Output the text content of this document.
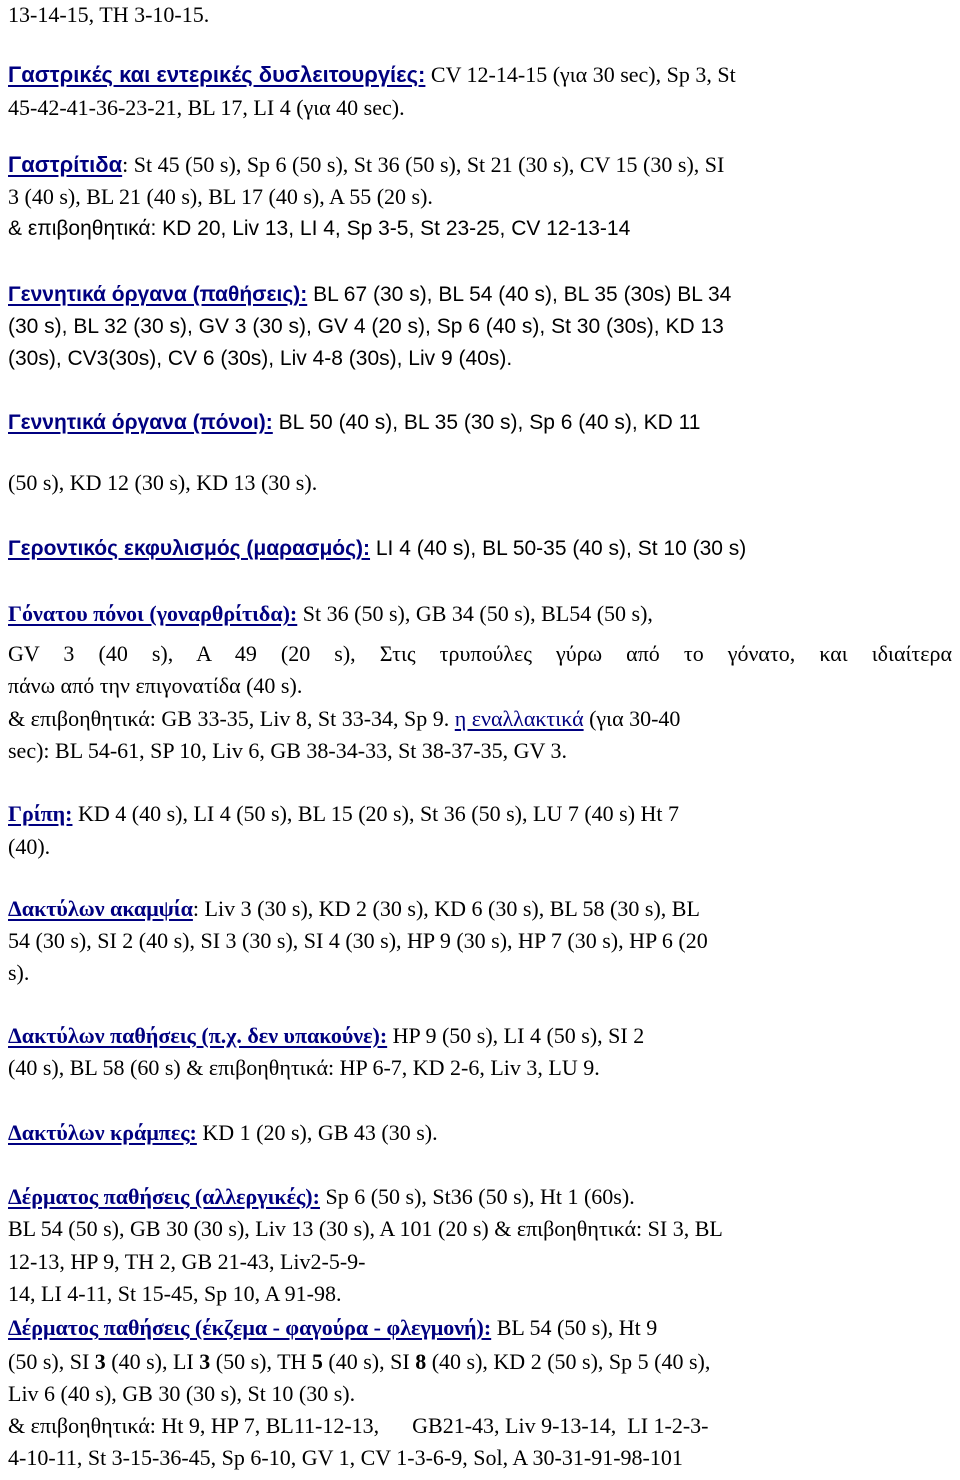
13-14-15, TH 3-10-15.
Γαστρικές και εντερικές δυσλειτουργίες: CV 12-14-15 (για 30 sec), Sp 3, St
45-42-41-36-23-21, BL 17, LI 4 (για 40 sec).
Γαστρίτιδα: St 45 (50 s), Sp 6 (50 s), St 36 (50 s), St 21 (30 s), CV 15 (30 s), SI
3 (40 s), BL 21 (40 s), BL 17 (40 s), A 55 (20 s).
& επιβοηθητικά: KD 20, Liv 13, LI 4, Sp 3-5, St 23-25, CV 12-13-14
Γεννητικά όργανα (παθήσεις): BL 67 (30 s), BL 54 (40 s), BL 35 (30s) BL 34
(30 s), BL 32 (30 s), GV 3 (30 s), GV 4 (20 s), Sp 6 (40 s), St 30 (30s), KD 13
(30s), CV3(30s), CV 6 (30s), Liv 4-8 (30s), Liv 9 (40s).
Γεννητικά όργανα (πόνοι): BL 50 (40 s), BL 35 (30 s), Sp 6 (40 s), KD 11
(50 s), KD 12 (30 s), KD 13 (30 s).
Γεροντικός εκφυλισμός (μαρασμός): LI 4 (40 s), BL 50-35 (40 s), St 10 (30 s)
Γόνατου πόνοι (γοναρθρίτιδα): St 36 (50 s), GB 34 (50 s), BL54 (50 s),
GV 3 (40 s), A 49 (20 s), Στις τρυπούλες γύρω από το γόνατο, και ιδιαίτερα
πάνω από την επιγονατίδα (40 s).
& επιβοηθητικά: GB 33-35, Liv 8, St 33-34, Sp 9. η εναλλακτικά (για 30-40
sec): BL 54-61, SP 10, Liv 6, GB 38-34-33, St 38-37-35, GV 3.
Γρίπη: KD 4 (40 s), LI 4 (50 s), BL 15 (20 s), St 36 (50 s), LU 7 (40 s) Ht 7
(40).
Δακτύλων ακαμψία: Liv 3 (30 s), KD 2 (30 s), KD 6 (30 s), BL 58 (30 s), BL
54 (30 s), SI 2 (40 s), SI 3 (30 s), SI 4 (30 s), HP 9 (30 s), HP 7 (30 s), HP 6 (20
s).
Δακτύλων παθήσεις (π.χ. δεν υπακούνε): HP 9 (50 s), LI 4 (50 s), SI 2
(40 s), BL 58 (60 s) & επιβοηθητικά: HP 6-7, KD 2-6, Liv 3, LU 9.
Δακτύλων κράμπες: KD 1 (20 s), GB 43 (30 s).
Δέρματος παθήσεις (αλλεργικές): Sp 6 (50 s), St36 (50 s), Ht 1 (60s).
BL 54 (50 s), GB 30 (30 s), Liv 13 (30 s), A 101 (20 s) & επιβοηθητικά: SI 3, BL
12-13, HP 9, TH 2, GB 21-43, Liv2-5-9-
14, LI 4-11, St 15-45, Sp 10, A 91-98.
Δέρματος παθήσεις (έκζεμα - φαγούρα - φλεγμονή): BL 54 (50 s), Ht 9
(50 s), SI 3 (40 s), LI 3 (50 s), TH 5 (40 s), SI 8 (40 s), KD 2 (50 s), Sp 5 (40 s),
Liv 6 (40 s), GB 30 (30 s), St 10 (30 s).
& επιβοηθητικά: Ht 9, HP 7, BL11-12-13,      GB21-43, Liv 9-13-14,  LI 1-2-3-
4-10-11, St 3-15-36-45, Sp 6-10, GV 1, CV 1-3-6-9, Sol, A 30-31-91-98-101
